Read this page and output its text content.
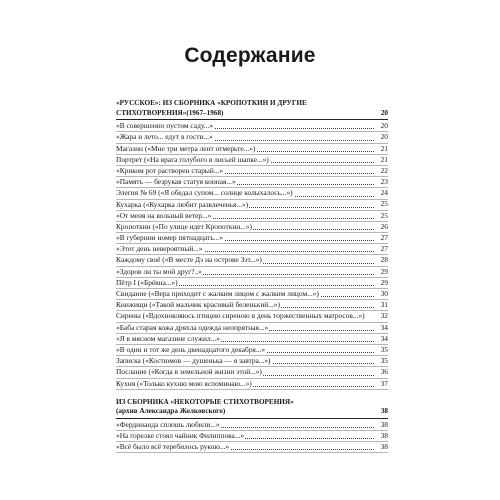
Содержание
«РУССКОЕ»: ИЗ СБОРНИКА «КРОПОТКИН И ДРУГИЕ
СТИХОТВОРЕНИЯ»(1967–1968)	20
«В совершенно пустом саду...»	20
«Жара и лето... едут в гости...»	20
Магазин («Мне три метра лент отмерьте...»)	21
Портрет («На врага голубого в лисьей шапке...»)	21
«Криком рот растворен старый...»	22
«Память — безрукая статуя конная...»	23
Элегия № 69 («Я обедал супом... солнце колыхалось...»)	24
Кухарка («Кухарка любит развлеченья...»)	25
«От меня на вольный ветер...»	25
Кропоткин («По улице идет Кропоткин...»)	26
«В губернии номер пятнадцать...»	27
«Этот день невероятный...»	27
Каждому своё («В месте Дэ на острове Зэт...»)	28
«Здоров ли ты мой друг?..»	29
Пётр I («Брёвна...»)	29
Свидание («Вера приходит с жалким лицом с жалким лицом...»)	30
Книжищи («Такой мальчик красивый беленький...»)	31
Сирены («Вдохновляюсь птицею сиреною в день торжественных матросов...») 32
«Баба старая кожа дряхла одежда неопрятная...»	34
«Я в мясном магазине служил...»	34
«В один и тот же день двенадцатого декабря...»	35
Записка («Костюмов — душенька — я завтра...»)	35
Послание («Когда в земельной жизни этой...»)	36
Кухня («Только кухню мою вспоминаю...»)	37
ИЗ СБОРНИКА «НЕКОТОРЫЕ СТИХОТВОРЕНИЯ»
(архив Александра Жолковского)	38
«Фердинанда сплошь любили...»	38
«На горелке стоял чайник Филиппова...»	38
«Всё было всё теребилось рукою...»	38
